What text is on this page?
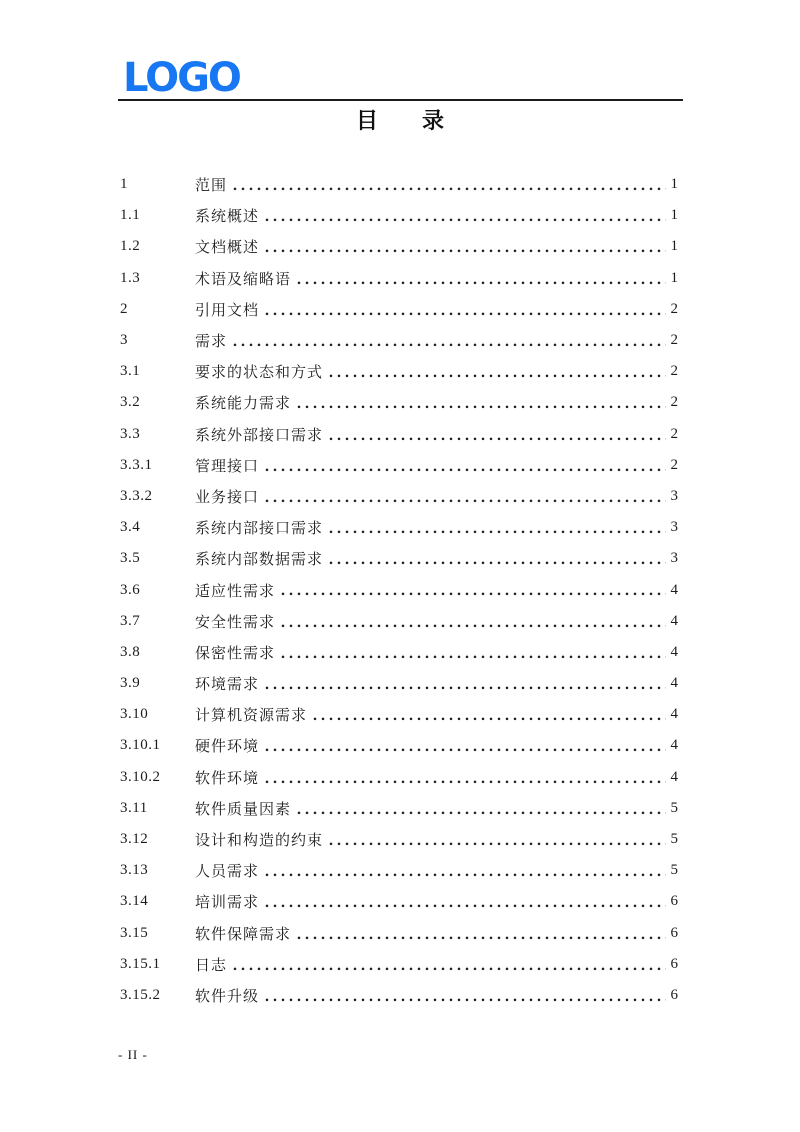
LOGO
目　　录
1	范围	1
1.1	系统概述	1
1.2	文档概述	1
1.3	术语及缩略语	1
2	引用文档	2
3	需求	2
3.1	要求的状态和方式	2
3.2	系统能力需求	2
3.3	系统外部接口需求	2
3.3.1	管理接口	2
3.3.2	业务接口	3
3.4	系统内部接口需求	3
3.5	系统内部数据需求	3
3.6	适应性需求	4
3.7	安全性需求	4
3.8	保密性需求	4
3.9	环境需求	4
3.10	计算机资源需求	4
3.10.1	硬件环境	4
3.10.2	软件环境	4
3.11	软件质量因素	5
3.12	设计和构造的约束	5
3.13	人员需求	5
3.14	培训需求	6
3.15	软件保障需求	6
3.15.1	日志	6
3.15.2	软件升级	6
- II -
